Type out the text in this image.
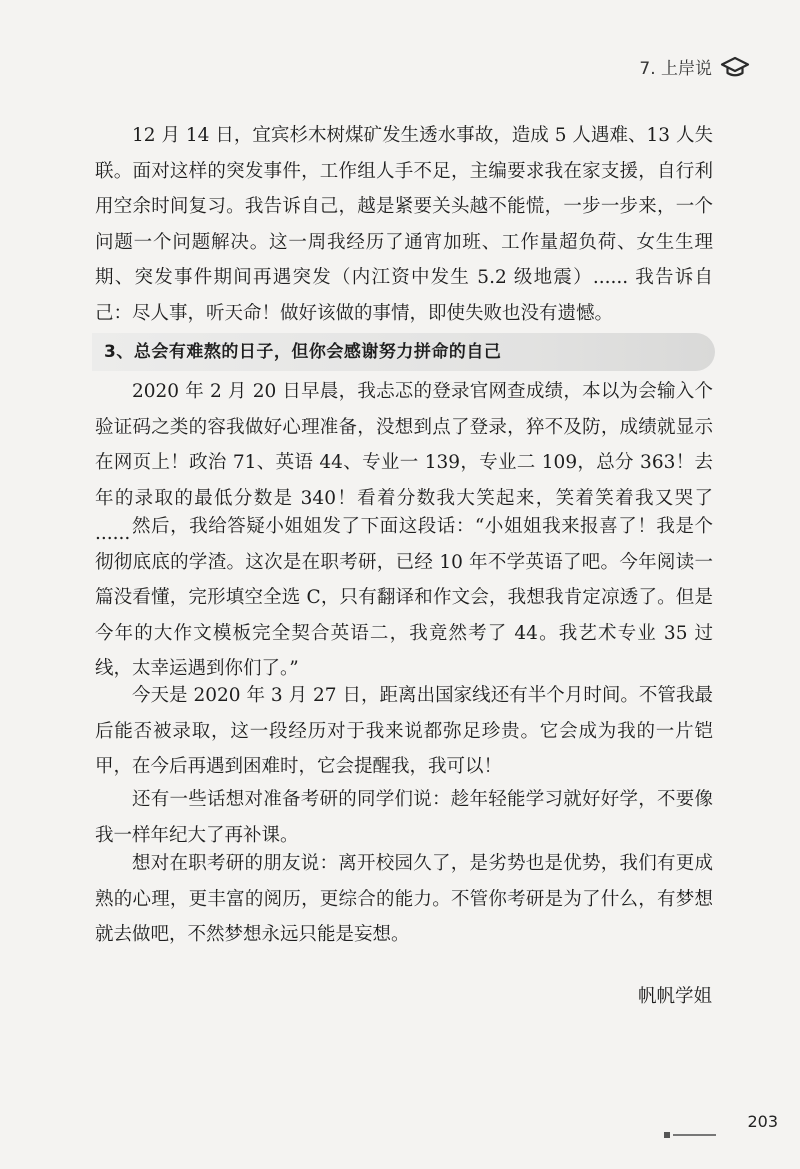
7. 上岸说

12 月 14 日，宜宾杉木树煤矿发生透水事故，造成 5 人遇难、13 人失联。面对这样的突发事件，工作组人手不足，主编要求我在家支援，自行利用空余时间复习。我告诉自己，越是紧要关头越不能慌，一步一步来，一个问题一个问题解决。这一周我经历了通宵加班、工作量超负荷、女生生理期、突发事件期间再遇突发（内江资中发生 5.2 级地震）...... 我告诉自己：尽人事，听天命！做好该做的事情，即使失败也没有遗憾。

3、总会有难熬的日子，但你会感谢努力拼命的自己

2020 年 2 月 20 日早晨，我忐忑的登录官网查成绩，本以为会输入个验证码之类的容我做好心理准备，没想到点了登录，猝不及防，成绩就显示在网页上！政治 71、英语 44、专业一 139，专业二 109，总分 363！去年的录取的最低分数是 340！看着分数我大笑起来，笑着笑着我又哭了 ...... 然后，我给答疑小姐姐发了下面这段话：“小姐姐我来报喜了！我是个彻彻底底的学渣。这次是在职考研，已经 10 年不学英语了吧。今年阅读一篇没看懂，完形填空全选 C，只有翻译和作文会，我想我肯定凉透了。但是今年的大作文模板完全契合英语二，我竟然考了 44。我艺术专业 35 过线，太幸运遇到你们了。”

今天是 2020 年 3 月 27 日，距离出国家线还有半个月时间。不管我最后能否被录取，这一段经历对于我来说都弥足珍贵。它会成为我的一片铠甲，在今后再遇到困难时，它会提醒我，我可以！

还有一些话想对准备考研的同学们说：趁年轻能学习就好好学，不要像我一样年纪大了再补课。

想对在职考研的朋友说：离开校园久了，是劣势也是优势，我们有更成熟的心理，更丰富的阅历，更综合的能力。不管你考研是为了什么，有梦想就去做吧，不然梦想永远只能是妄想。

帆帆学姐

203
